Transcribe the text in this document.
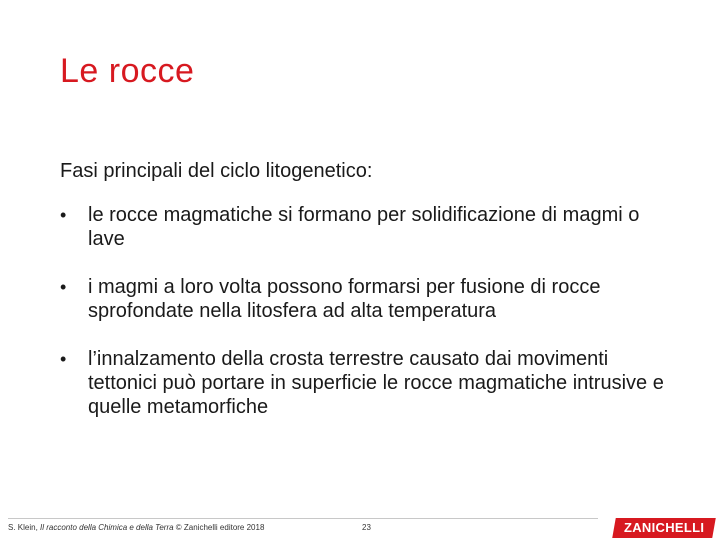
Le rocce
Fasi principali del ciclo litogenetico:
•	le rocce magmatiche si formano per solidificazione di magmi o lave
•	i magmi a loro volta possono formarsi per fusione di rocce sprofondate nella litosfera ad alta temperatura
•	l’innalzamento della crosta terrestre causato dai movimenti tettonici può portare in superficie le rocce magmatiche intrusive e quelle metamorfiche
S. Klein, Il racconto della Chimica e della Terra © Zanichelli editore 2018	23	ZANICHELLI
